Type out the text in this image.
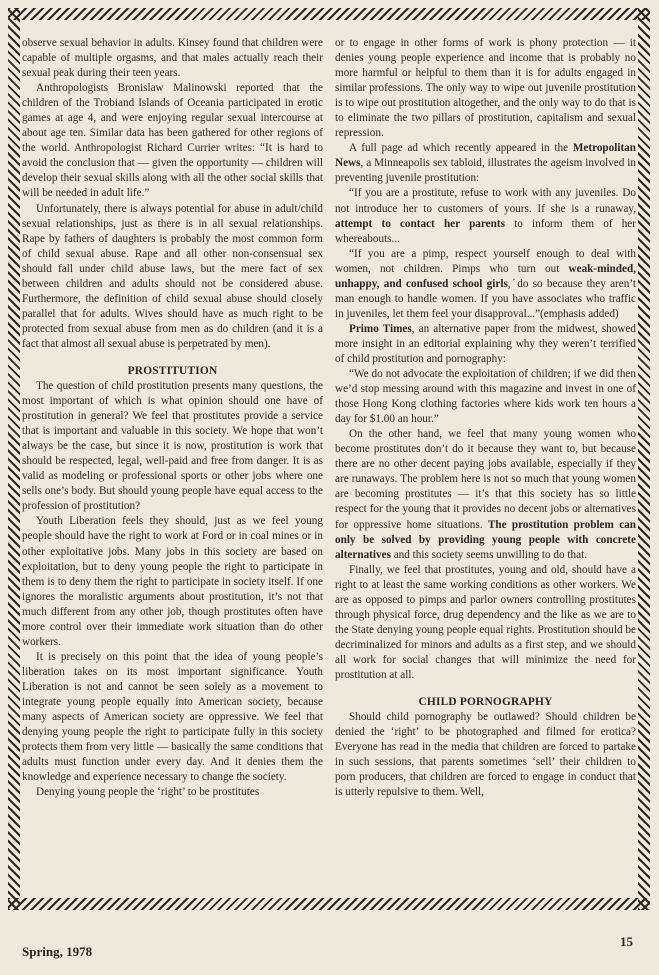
observe sexual behavior in adults. Kinsey found that children were capable of multiple orgasms, and that males actually reach their sexual peak during their teen years.

Anthropologists Bronislaw Malinowski reported that the children of the Trobiand Islands of Oceania participated in erotic games at age 4, and were enjoying regular sexual intercourse at about age ten. Similar data has been gathered for other regions of the world. Anthropologist Richard Currier writes: “It is hard to avoid the conclusion that — given the opportunity — children will develop their sexual skills along with all the other social skills that will be needed in adult life.”

Unfortunately, there is always potential for abuse in adult/child sexual relationships, just as there is in all sexual relationships. Rape by fathers of daughters is probably the most common form of child sexual abuse. Rape and all other non-consensual sex should fall under child abuse laws, but the mere fact of sex between children and adults should not be considered abuse. Furthermore, the definition of child sexual abuse should closely parallel that for adults. Wives should have as much right to be protected from sexual abuse from men as do children (and it is a fact that almost all sexual abuse is perpetrated by men).

PROSTITUTION

The question of child prostitution presents many questions, the most important of which is what opinion should one have of prostitution in general? We feel that prostitutes provide a service that is important and valuable in this society. We hope that won’t always be the case, but since it is now, prostitution is work that should be respected, legal, well-paid and free from danger. It is as valid as modeling or professional sports or other jobs where one sells one’s body. But should young people have equal access to the profession of prostitution?

Youth Liberation feels they should, just as we feel young people should have the right to work at Ford or in coal mines or in other exploitative jobs. Many jobs in this society are based on exploitation, but to deny young people the right to participate in them is to deny them the right to participate in society itself. If one ignores the moralistic arguments about prostitution, it’s not that much different from any other job, though prostitutes often have more control over their immediate work situation than do other workers.

It is precisely on this point that the idea of young people’s liberation takes on its most important significance. Youth Liberation is not and cannot be seen solely as a movement to integrate young people equally into American society, because many aspects of American society are oppressive. We feel that denying young people the right to participate fully in this society protects them from very little — basically the same conditions that adults must function under every day. And it denies them the knowledge and experience necessary to change the society.

Denying young people the ‘right’ to be prostitutes

or to engage in other forms of work is phony protection — it denies young people experience and income that is probably no more harmful or helpful to them than it is for adults engaged in similar professions. The only way to wipe out juvenile prostitution is to wipe out prostitution altogether, and the only way to do that is to eliminate the two pillars of prostitution, capitalism and sexual repression.

A full page ad which recently appeared in the Metropolitan News, a Minneapolis sex tabloid, illustrates the ageism involved in preventing juvenile prostitution:

“If you are a prostitute, refuse to work with any juveniles. Do not introduce her to customers of yours. If she is a runaway, attempt to contact her parents to inform them of her whereabouts...

“If you are a pimp, respect yourself enough to deal with women, not children. Pimps who turn out weak-minded, unhappy, and confused school girls,ˊdo so because they aren’t man enough to handle women. If you have associates who traffic in juveniles, let them feel your disapproval...”(emphasis added)

Primo Times, an alternative paper from the midwest, showed more insight in an editorial explaining why they weren’t terrified of child prostitution and pornography:

“We do not advocate the exploitation of children; if we did then we’d stop messing around with this magazine and invest in one of those Hong Kong clothing factories where kids work ten hours a day for $1.00 an hour.”

On the other hand, we feel that many young women who become prostitutes don’t do it because they want to, but because there are no other decent paying jobs available, especially if they are runaways. The problem here is not so much that young women are becoming prostitutes — it’s that this society has so little respect for the young that it provides no decent jobs or alternatives for oppressive home situations. The prostitution problem can only be solved by providing young people with concrete alternatives and this society seems unwilling to do that.

Finally, we feel that prostitutes, young and old, should have a right to at least the same working conditions as other workers. We are as opposed to pimps and parlor owners controlling prostitutes through physical force, drug dependency and the like as we are to the State denying young people equal rights. Prostitution should be decriminalized for minors and adults as a first step, and we should all work for social changes that will minimize the need for prostitution at all.

CHILD PORNOGRAPHY

Should child pornography be outlawed? Should children be denied the ‘right’ to be photographed and filmed for erotica? Everyone has read in the media that children are forced to partake in such sessions, that parents sometimes ‘sell’ their children to porn producers, that children are forced to engage in conduct that is utterly repulsive to them. Well,

Spring, 1978
15
